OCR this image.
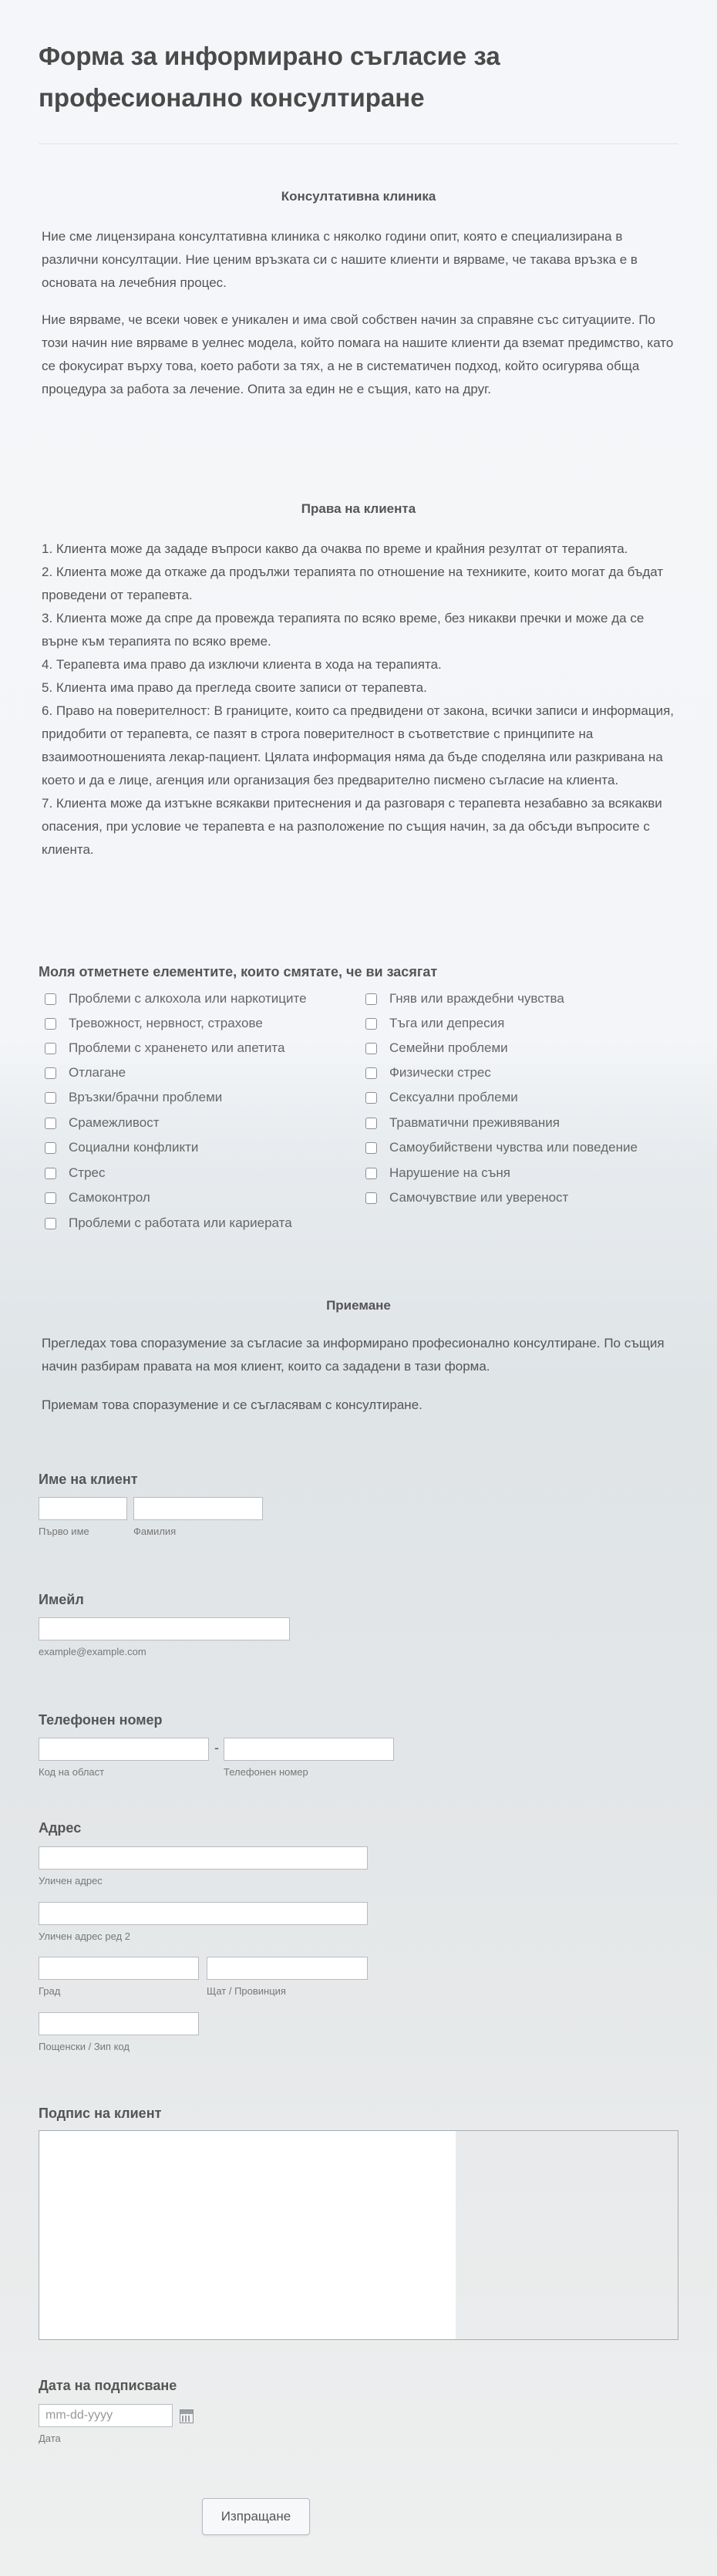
Форма за информирано съгласие за професионално консултиране
Консултативна клиника

Ние сме лицензирана консултативна клиника с няколко години опит, която е специализирана в различни консултации. Ние ценим връзката си с нашите клиенти и вярваме, че такава връзка е в основата на лечебния процес.

Ние вярваме, че всеки човек е уникален и има свой собствен начин за справяне със ситуациите. По този начин ние вярваме в уелнес модела, който помага на нашите клиенти да вземат предимство, като се фокусират върху това, което работи за тях, а не в систематичен подход, който осигурява обща процедура за работа за лечение. Опита за един не е същия, като на друг.

Права на клиента
1. Клиента може да зададе въпроси какво да очаква по време и крайния резултат от терапията.
2. Клиента може да откаже да продължи терапията по отношение на техниките, които могат да бъдат проведени от терапевта.
3. Клиента може да спре да провежда терапията по всяко време, без никакви пречки и може да се върне към терапията по всяко време.
4. Терапевта има право да изключи клиента в хода на терапията.
5. Клиента има право да прегледа своите записи от терапевта.
6. Право на поверителност: В границите, които са предвидени от закона, всички записи и информация, придобити от терапевта, се пазят в строга поверителност в съответствие с принципите на взаимоотношенията лекар-пациент. Цялата информация няма да бъде споделяна или разкривана на което и да е лице, агенция или организация без предварително писмено съгласие на клиента.
7. Клиента може да изтъкне всякакви притеснения и да разговаря с терапевта незабавно за всякакви опасения, при условие че терапевта е на разположение по същия начин, за да обсъди въпросите с клиента.
Моля отметнете елементите, които смятате, че ви засягат
Проблеми с алкохола или наркотиците
Тревожност, нервност, страхове
Проблеми с храненето или апетита
Отлагане
Връзки/брачни проблеми
Срамежливост
Социални конфликти
Стрес
Самоконтрол
Проблеми с работата или кариерата
Гняв или враждебни чувства
Тъга или депресия
Семейни проблеми
Физически стрес
Сексуални проблеми
Травматични преживявания
Самоубийствени чувства или поведение
Нарушение на съня
Самочувствие или увереност
Приемане

Прегледах това споразумение за съгласие за информирано професионално консултиране. По същия начин разбирам правата на моя клиент, които са зададени в тази форма.

Приемам това споразумение и се съгласявам с консултиране.

Име на клиент
Първо име	Фамилия
Имейл
example@example.com
Телефонен номер
-
Код на област	Телефонен номер
Адрес
Уличен адрес
Уличен адрес ред 2
Град	Щат / Провинция
Пощенски / Зип код
Подпис на клиент
Дата на подписване
mm-dd-yyyy
Дата
Изпращане
